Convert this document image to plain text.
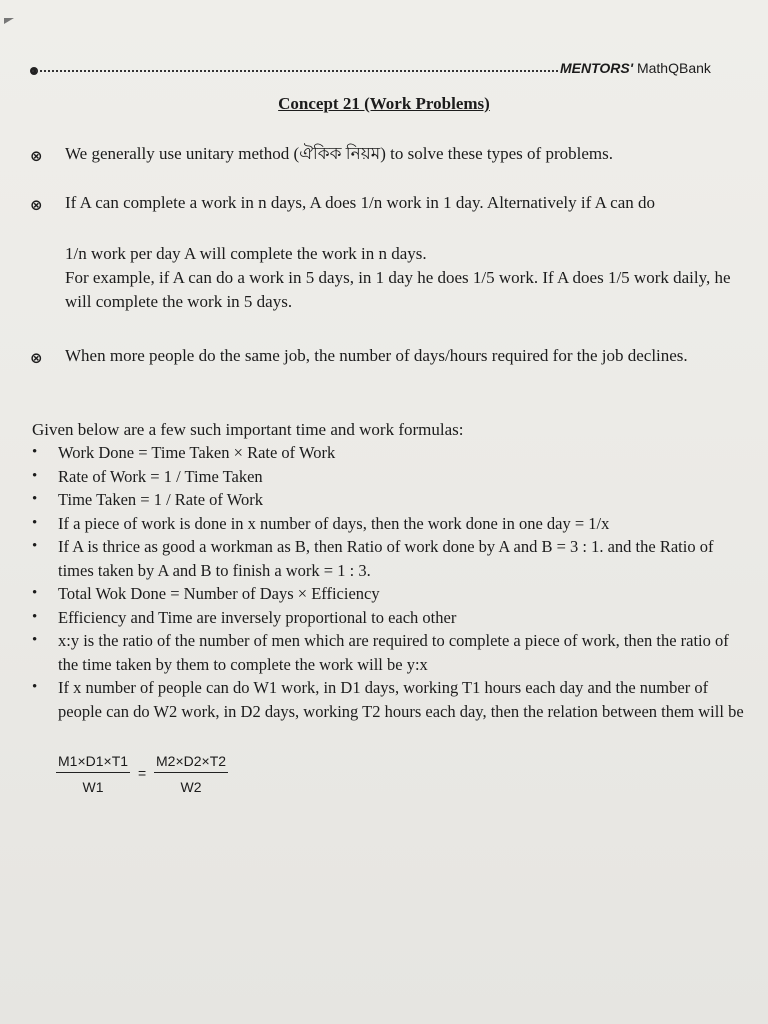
MENTORS' MathQBank
Concept 21 (Work Problems)
⊗ We generally use unitary method (ঐকিক নিয়ম) to solve these types of problems.
⊗ If A can complete a work in n days, A does 1/n work in 1 day. Alternatively if A can do
1/n work per day A will complete the work in n days.
For example, if A can do a work in 5 days, in 1 day he does 1/5 work. If A does 1/5 work daily, he will complete the work in 5 days.
⊗ When more people do the same job, the number of days/hours required for the job declines.
Given below are a few such important time and work formulas:
• Work Done = Time Taken × Rate of Work
• Rate of Work = 1 / Time Taken
• Time Taken = 1 / Rate of Work
• If a piece of work is done in x number of days, then the work done in one day = 1/x
• If A is thrice as good a workman as B, then Ratio of work done by A and B = 3 : 1. and the Ratio of times taken by A and B to finish a work = 1 : 3.
• Total Wok Done = Number of Days × Efficiency
• Efficiency and Time are inversely proportional to each other
• x:y is the ratio of the number of men which are required to complete a piece of work, then the ratio of the time taken by them to complete the work will be y:x
• If x number of people can do W1 work, in D1 days, working T1 hours each day and the number of people can do W2 work, in D2 days, working T2 hours each day, then the relation between them will be
$\frac{M1\times D1\times T1}{W1} = \frac{M2\times D2\times T2}{W2}$
